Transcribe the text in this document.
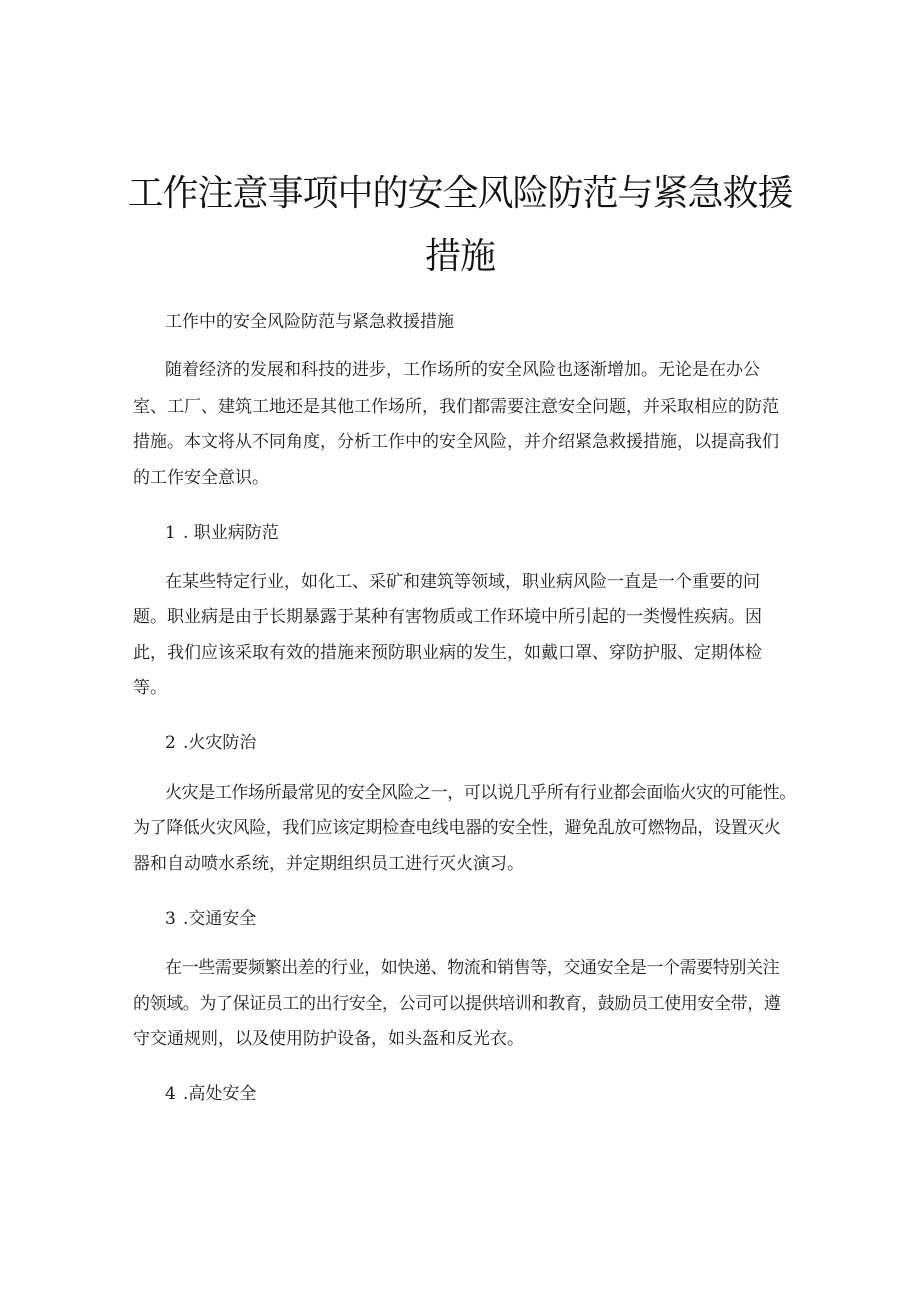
工作注意事项中的安全风险防范与紧急救援
措施

工作中的安全风险防范与紧急救援措施

随着经济的发展和科技的进步，工作场所的安全风险也逐渐增加。无论是在办公

室、工厂、建筑工地还是其他工作场所，我们都需要注意安全问题，并采取相应的防范

措施。本文将从不同角度，分析工作中的安全风险，并介绍紧急救援措施，以提高我们

的工作安全意识。

1 . 职业病防范

在某些特定行业，如化工、采矿和建筑等领域，职业病风险一直是一个重要的问

题。职业病是由于长期暴露于某种有害物质或工作环境中所引起的一类慢性疾病。因

此，我们应该采取有效的措施来预防职业病的发生，如戴口罩、穿防护服、定期体检

等。

2 .火灾防治

火灾是工作场所最常见的安全风险之一，可以说几乎所有行业都会面临火灾的可能性。

为了降低火灾风险，我们应该定期检查电线电器的安全性，避免乱放可燃物品，设置灭火

器和自动喷水系统，并定期组织员工进行灭火演习。

3 .交通安全

在一些需要频繁出差的行业，如快递、物流和销售等，交通安全是一个需要特别关注

的领域。为了保证员工的出行安全，公司可以提供培训和教育，鼓励员工使用安全带，遵

守交通规则，以及使用防护设备，如头盔和反光衣。

4 .高处安全
